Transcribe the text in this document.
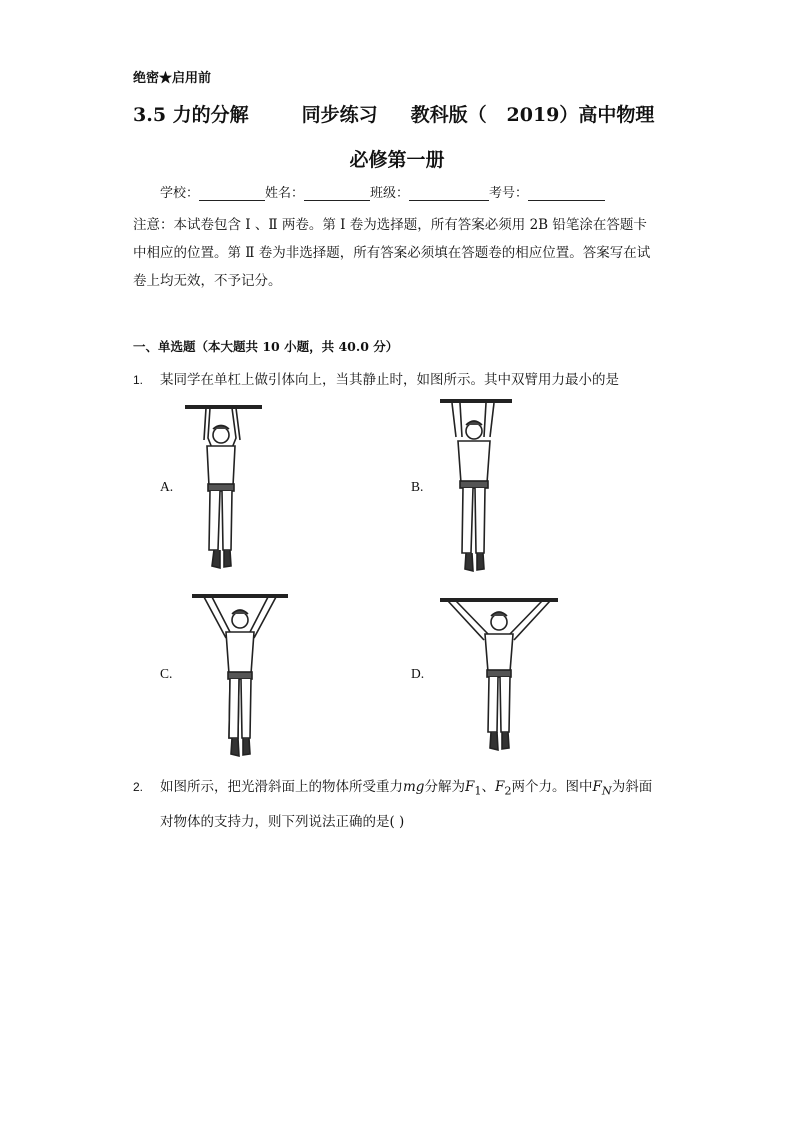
绝密★启用前
3.5 力的分解        同步练习     教科版（   2019）高中物理
必修第一册
学校：	姓名：	班级：	考号：

注意：本试卷包含 Ⅰ 、Ⅱ 两卷。第 Ⅰ 卷为选择题，所有答案必须用 2B 铅笔涂在答题卡

中相应的位置。第 Ⅱ 卷为非选择题，所有答案必须填在答题卷的相应位置。答案写在试

卷上均无效，不予记分。

一、单选题（本大题共 10 小题，共 40.0 分）
1. 某同学在单杠上做引体向上，当其静止时，如图所示。其中双臂用力最小的是
A.	B.
C.	D.
2. 如图所示，把光滑斜面上的物体所受重力mg分解为$F_1$、$F_2$两个力。图中$F_N$为斜面
对物体的支持力，则下列说法正确的是( )
